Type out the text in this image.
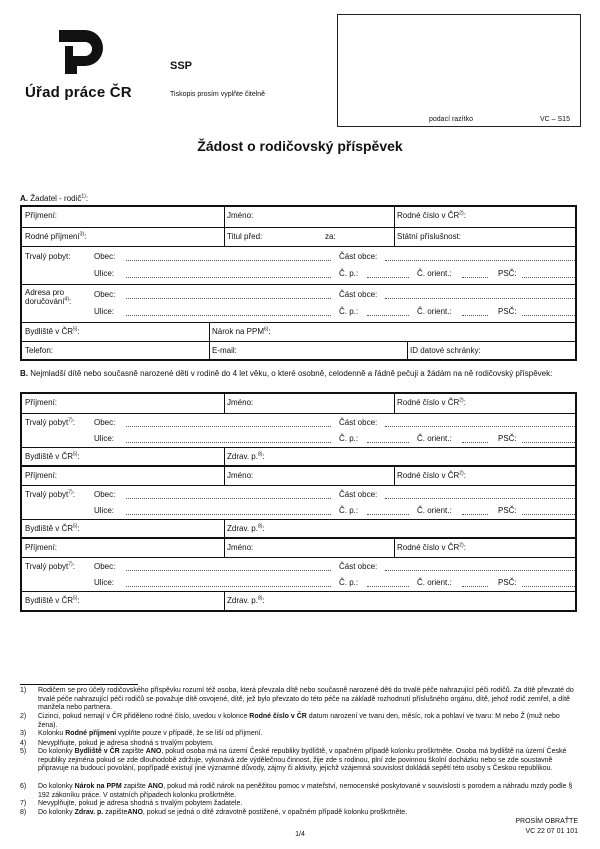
Úřad práce ČR
SSP
Tiskopis prosím vyplňte čitelně
podací razítko	VC – S15
Žádost o rodičovský příspěvek
A. Žadatel - rodič$^{1)}$:
Příjmení:	Jméno:	Rodné číslo v ČR$^{2)}$:
Rodné příjmení$^{3)}$:	Titul před:	za:	Státní příslušnost:
Trvalý pobyt:	Obec:	Část obce:
Ulice:	Č. p.:	Č. orient.:	PSČ:
Adresa pro doručování$^{4)}$:
Obec:	Část obce:
Ulice:	Č. p.:	Č. orient.:	PSČ:
Bydliště v ČR$^{5)}$:	Nárok na PPM$^{6)}$:
Telefon:	E-mail:	ID datové schránky:
B. Nejmladší dítě nebo současně narozené děti v rodině do 4 let věku, o které osobně, celodenně a řádně pečuji a žádám na ně rodičovský příspěvek:
Příjmení:	Jméno:	Rodné číslo v ČR$^{2)}$:
Trvalý pobyt$^{7)}$: Obec:	Část obce:
Ulice:	Č. p.:	Č. orient.:	PSČ:
Bydliště v ČR$^{5)}$:	Zdrav. p.$^{8)}$:
Příjmení:	Jméno:	Rodné číslo v ČR$^{2)}$:
Trvalý pobyt$^{7)}$: Obec:	Část obce:
Ulice:	Č. p.:	Č. orient.:	PSČ:
Bydliště v ČR$^{5)}$:	Zdrav. p.$^{8)}$:
Příjmení:	Jméno:	Rodné číslo v ČR$^{2)}$:
Trvalý pobyt$^{7)}$: Obec:	Část obce:
Ulice:	Č. p.:	Č. orient.:	PSČ:
Bydliště v ČR$^{5)}$:	Zdrav. p.$^{8)}$:
1) Rodičem se pro účely rodičovského příspěvku rozumí též osoba, která převzala dítě nebo současně narozené děti do trvalé péče nahrazující péči rodičů. Za dítě převzaté do trvalé péče nahrazující péči rodičů se považuje dítě osvojené, dítě, jež bylo převzato do této péče na základě rozhodnutí příslušného orgánu, dítě, jehož rodič zemřel, a dítě manžela nebo partnera.
2) Cizinci, pokud nemají v ČR přiděleno rodné číslo, uvedou v kolonce Rodné číslo v ČR datum narození ve tvaru den, měsíc, rok a pohlaví ve tvaru: M nebo Ž (muž nebo žena).
3) Kolonku Rodné příjmení vyplňte pouze v případě, že se liší od příjmení.
4) Nevyplňujte, pokud je adresa shodná s trvalým pobytem.
5) Do kolonky Bydliště v ČR zapište ANO, pokud osoba má na území České republiky bydliště, v opačném případě kolonku proškrtněte. Osoba má bydliště na území České republiky zejména pokud se zde dlouhodobě zdržuje, vykonává zde výdělečnou činnost, žije zde s rodinou, plní zde povinnou školní docházku nebo se zde soustavně připravuje na budoucí povolání, popřípadě existují jiné významné důvody, zájmy či aktivity, jejichž vzájemná souvislost dokládá sepětí této osoby s Českou republikou.
6) Do kolonky Nárok na PPM zapište ANO, pokud má rodič nárok na peněžitou pomoc v mateřství, nemocenské poskytované v souvislosti s porodem a náhradu mzdy podle § 192 zákoníku práce. V ostatních případech kolonku proškrtněte.
7) Nevyplňujte, pokud je adresa shodná s trvalým pobytem žadatele.
8) Do kolonky Zdrav. p. zapišteANO, pokud se jedná o dítě zdravotně postižené, v opačném případě kolonku proškrtněte.
PROSÍM OBRAŤTE
VC 22 07 01 101
1/4
